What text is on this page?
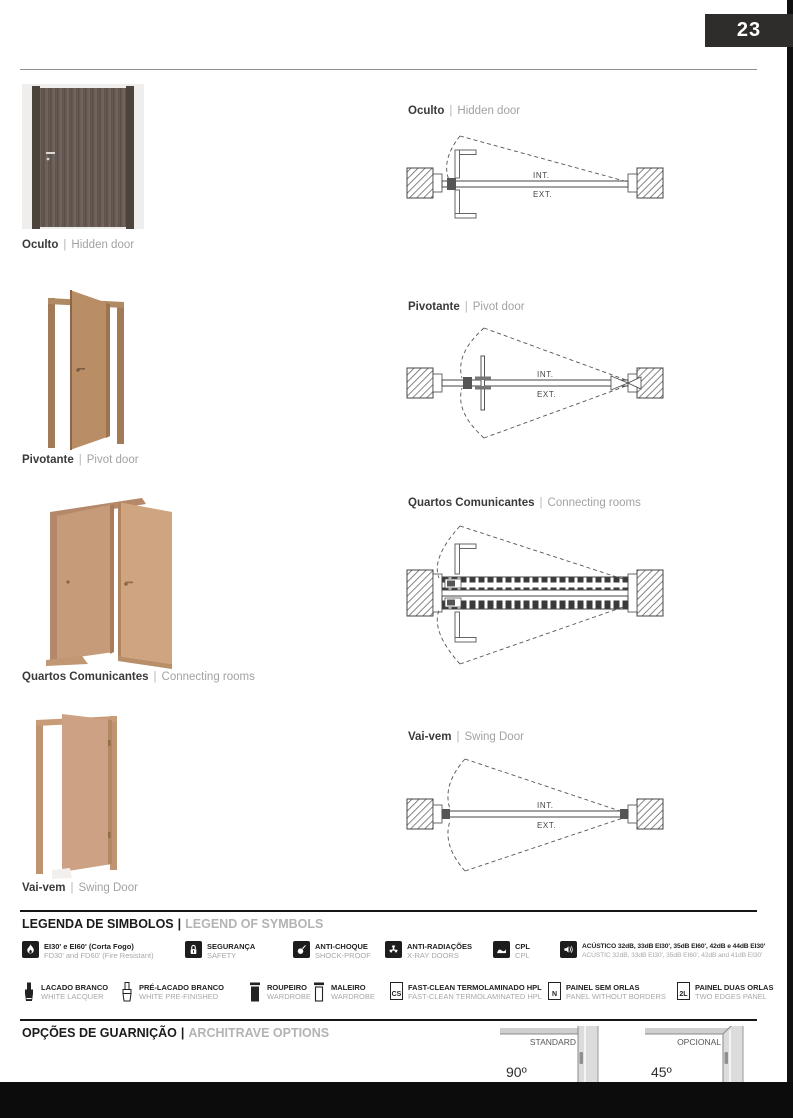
23
Oculto | Hidden door
Oculto | Hidden door
INT.
EXT.
Pivotante | Pivot door
Pivotante | Pivot door
INT.
EXT.
Quartos Comunicantes | Connecting rooms
Quartos Comunicantes | Connecting rooms
Vai-vem | Swing Door
Vai-vem | Swing Door
INT.
EXT.
LEGENDA DE SIMBOLOS | LEGEND OF SYMBOLS
EI30' e EI60' (Corta Fogo)
FD30' and FD60' (Fire Resistant)
SEGURANÇA
SAFETY
ANTI-CHOQUE
SHOCK-PROOF
ANTI-RADIAÇÕES
X-RAY DOORS
CPL
CPL
ACÚSTICO 32dB, 33dB EI30', 35dB EI60', 42dB e 44dB EI30'
ACÚSTIC 32dB, 33dB EI30', 35dB EI60', 42dB and 41dB EI30'
LACADO BRANCO
WHITE LACQUER
PRÉ-LACADO BRANCO
WHITE PRE-FINISHED
ROUPEIRO
WARDROBE
MALEIRO
WARDROBE CS
FAST-CLEAN TERMOLAMINADO HPL
FAST-CLEAN TERMOLAMINATED HPL	N
PAINEL SEM ORLAS
PANEL WITHOUT BORDERS	2L
PAINEL DUAS ORLAS
TWO EDGES PANEL
OPÇÕES DE GUARNIÇÃO | ARCHITRAVE OPTIONS
STANDARD
90º
OPCIONAL
45º
